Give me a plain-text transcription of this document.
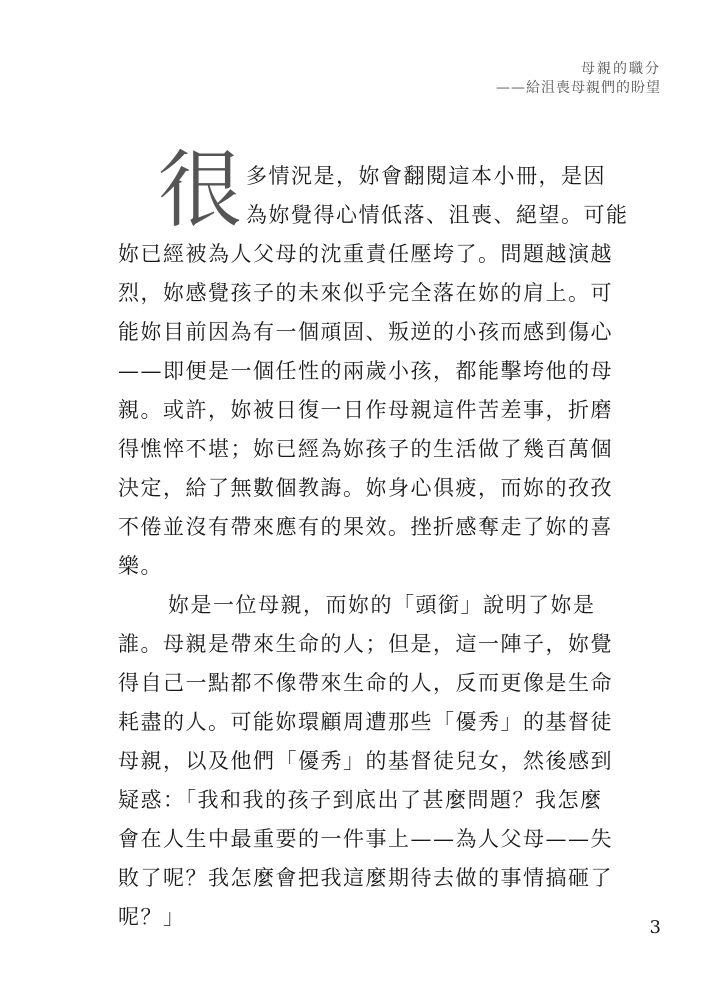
母親的職分
——給沮喪母親們的盼望
很 多情況是，妳會翻閱這本小冊，是因
為妳覺得心情低落、沮喪、絕望。可能
妳已經被為人父母的沈重責任壓垮了。問題越演越
烈，妳感覺孩子的未來似乎完全落在妳的肩上。可
能妳目前因為有一個頑固、叛逆的小孩而感到傷心
——即便是一個任性的兩歲小孩，都能擊垮他的母
親。或許，妳被日復一日作母親這件苦差事，折磨
得憔悴不堪；妳已經為妳孩子的生活做了幾百萬個
決定，給了無數個教誨。妳身心俱疲，而妳的孜孜
不倦並沒有帶來應有的果效。挫折感奪走了妳的喜
樂。
妳是一位母親，而妳的「頭銜」說明了妳是
誰。母親是帶來生命的人；但是，這一陣子，妳覺
得自己一點都不像帶來生命的人，反而更像是生命
耗盡的人。可能妳環顧周遭那些「優秀」的基督徒
母親，以及他們「優秀」的基督徒兒女，然後感到
疑惑：「我和我的孩子到底出了甚麼問題？我怎麼
會在人生中最重要的一件事上——為人父母——失
敗了呢？我怎麼會把我這麼期待去做的事情搞砸了
呢？」	3
